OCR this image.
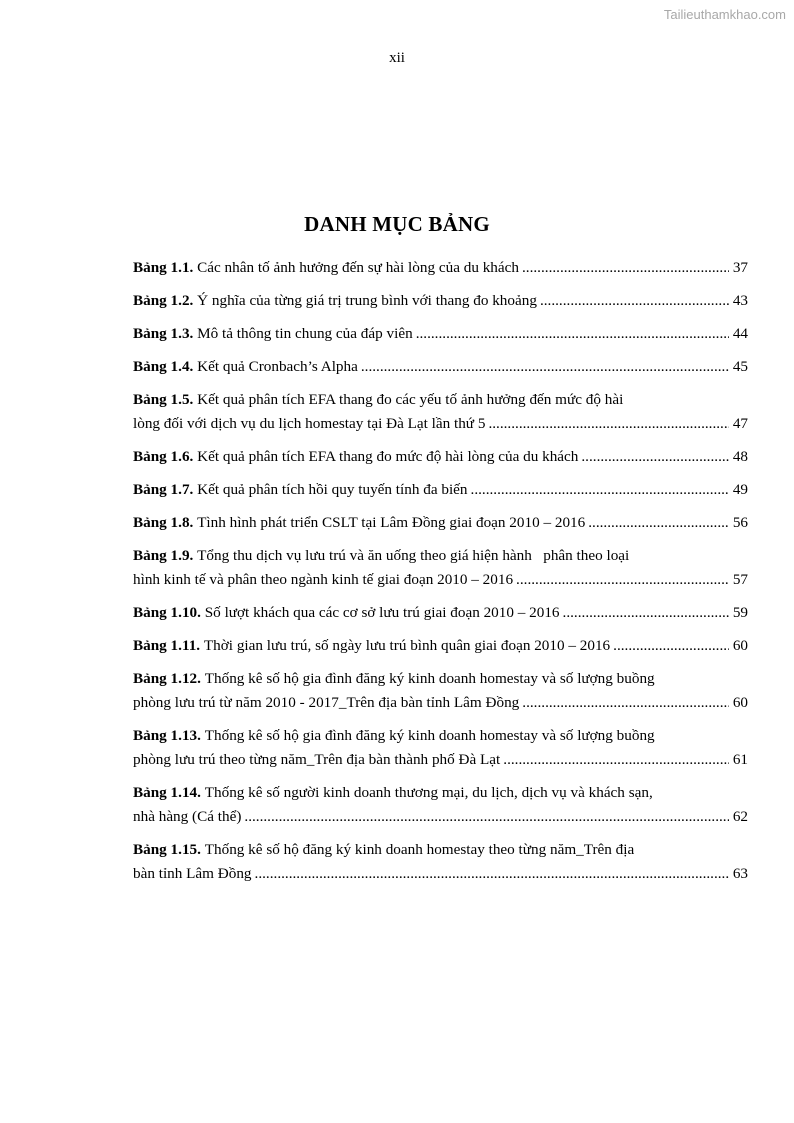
Tailieuthamkhao.com
xii
DANH MỤC BẢNG
Bảng 1.1.
Các nhân tố ảnh hưởng đến sự hài lòng của du khách .....
	37
Bảng 1.2.
Ý nghĩa của từng giá trị trung bình với thang đo khoảng .....
	43
Bảng 1.3.
Mô tả thông tin chung của đáp viên .....
	44
Bảng 1.4.
Kết quả Cronbach’s Alpha .....
	45
Bảng 1.5.
Kết quả phân tích EFA thang đo các yếu tố ảnh hưởng đến mức độ hài
lòng đối với dịch vụ du lịch homestay tại Đà Lạt lần thứ 5 .....
	47
Bảng 1.6.
Kết quả phân tích EFA thang đo mức độ hài lòng của du khách .....
	48
Bảng 1.7.
Kết quả phân tích hồi quy tuyến tính đa biến .....
	49
Bảng 1.8.
Tình hình phát triển CSLT tại Lâm Đồng giai đoạn 2010 – 2016 .....
	56
Bảng 1.9.
Tổng thu dịch vụ lưu trú và ăn uống theo giá hiện hành   phân theo loại
hình kinh tế và phân theo ngành kinh tế giai đoạn 2010 – 2016 .....
	57
Bảng 1.10.
Số lượt khách qua các cơ sở lưu trú giai đoạn 2010 – 2016 .....
	59
Bảng 1.11.
Thời gian lưu trú, số ngày lưu trú bình quân giai đoạn 2010 – 2016 .....
	60
Bảng 1.12.
Thống kê số hộ gia đình đăng ký kinh doanh homestay và số lượng buồng
phòng lưu trú từ năm 2010 - 2017_Trên địa bàn tỉnh Lâm Đồng .....
	60
Bảng 1.13.
Thống kê số hộ gia đình đăng ký kinh doanh homestay và số lượng buồng
phòng lưu trú theo từng năm_Trên địa bàn thành phố Đà Lạt .....
	61
Bảng 1.14.
Thống kê số người kinh doanh thương mại, du lịch, dịch vụ và khách sạn,
nhà hàng (Cá thể) .....
	62
Bảng 1.15.
Thống kê số hộ đăng ký kinh doanh homestay theo từng năm_Trên địa
bàn tỉnh Lâm Đồng .....
	63
